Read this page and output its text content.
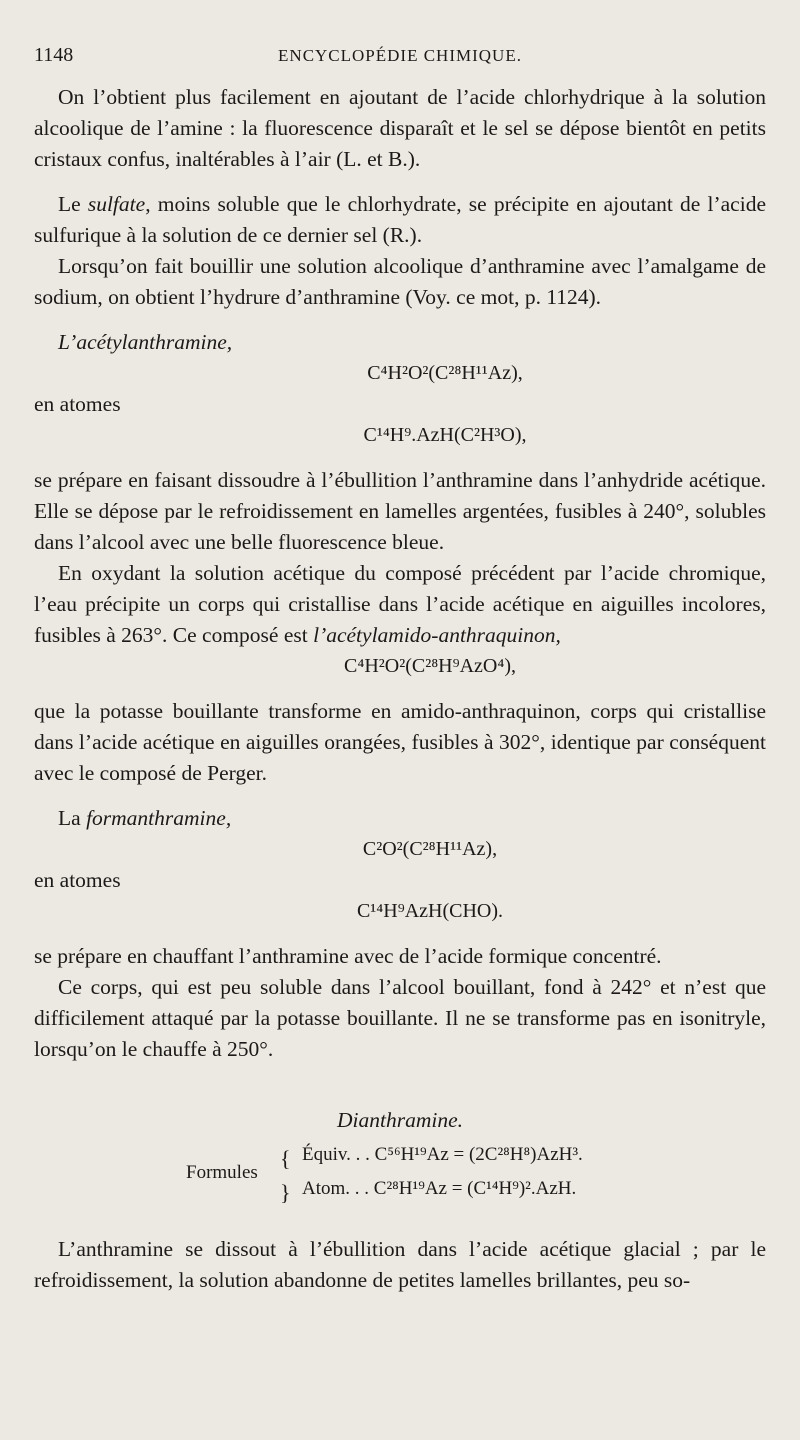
1148	ENCYCLOPÉDIE CHIMIQUE.

On l’obtient plus facilement en ajoutant de l’acide chlorhydrique à la solution alcoolique de l’amine : la fluorescence disparaît et le sel se dépose bientôt en petits cristaux confus, inaltérables à l’air (L. et B.).

Le sulfate, moins soluble que le chlorhydrate, se précipite en ajoutant de l’acide sulfurique à la solution de ce dernier sel (R.).

Lorsqu’on fait bouillir une solution alcoolique d’anthramine avec l’amalgame de sodium, on obtient l’hydrure d’anthramine (Voy. ce mot, p. 1124).

L’acétylanthramine,

C⁴H²O²(C²⁸H¹¹Az),

en atomes

C¹⁴H⁹.AzH(C²H³O),

se prépare en faisant dissoudre à l’ébullition l’anthramine dans l’anhydride acétique. Elle se dépose par le refroidissement en lamelles argentées, fusibles à 240°, solubles dans l’alcool avec une belle fluorescence bleue.

En oxydant la solution acétique du composé précédent par l’acide chromique, l’eau précipite un corps qui cristallise dans l’acide acétique en aiguilles incolores, fusibles à 263°. Ce composé est l’acétylamido-anthraquinon,

C⁴H²O²(C²⁸H⁹AzO⁴),

que la potasse bouillante transforme en amido-anthraquinon, corps qui cristallise dans l’acide acétique en aiguilles orangées, fusibles à 302°, identique par conséquent avec le composé de Perger.

La formanthramine,

C²O²(C²⁸H¹¹Az),

en atomes

C¹⁴H⁹AzH(CHO).

se prépare en chauffant l’anthramine avec de l’acide formique concentré.

Ce corps, qui est peu soluble dans l’alcool bouillant, fond à 242° et n’est que difficilement attaqué par la potasse bouillante. Il ne se transforme pas en isonitryle, lorsqu’on le chauffe à 250°.

Dianthramine.

Formules
{
}
Équiv. . . C⁵⁶H¹⁹Az = (2C²⁸H⁸)AzH³.
Atom. . . C²⁸H¹⁹Az = (C¹⁴H⁹)².AzH.

L’anthramine se dissout à l’ébullition dans l’acide acétique glacial ; par le refroidissement, la solution abandonne de petites lamelles brillantes, peu so-
